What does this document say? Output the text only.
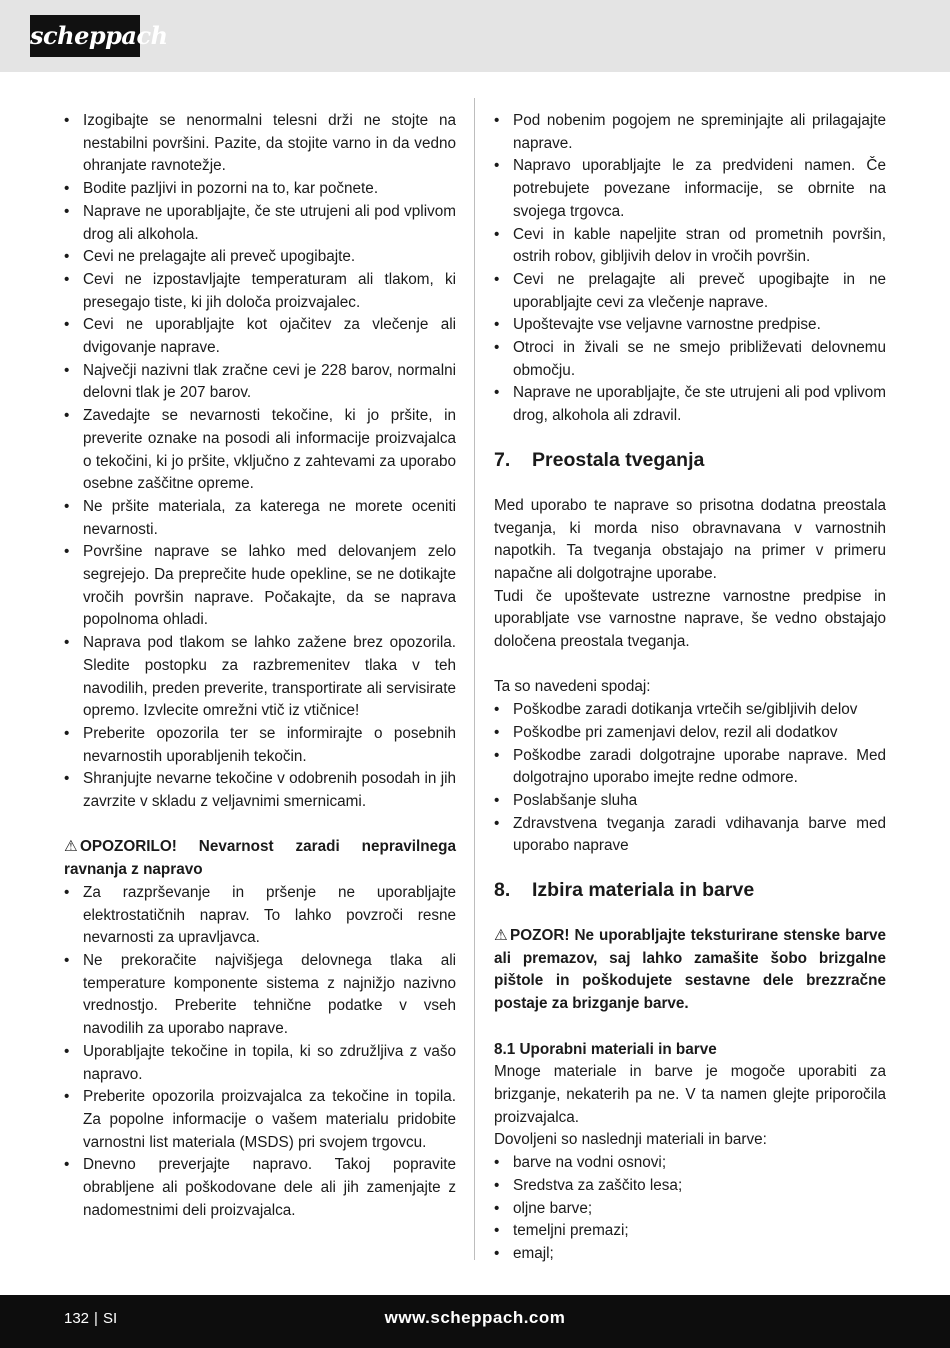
scheppach
• Izogibajte se nenormalni telesni drži ne stojte na nestabilni površini. Pazite, da stojite varno in da vedno ohranjate ravnotežje.
• Bodite pazljivi in pozorni na to, kar počnete.
• Naprave ne uporabljajte, če ste utrujeni ali pod vplivom drog ali alkohola.
• Cevi ne prelagajte ali preveč upogibajte.
• Cevi ne izpostavljajte temperaturam ali tlakom, ki presegajo tiste, ki jih določa proizvajalec.
• Cevi ne uporabljajte kot ojačitev za vlečenje ali dvigovanje naprave.
• Največji nazivni tlak zračne cevi je 228 barov, normalni delovni tlak je 207 barov.
• Zavedajte se nevarnosti tekočine, ki jo pršite, in preverite oznake na posodi ali informacije proizvajalca o tekočini, ki jo pršite, vključno z zahtevami za uporabo osebne zaščitne opreme.
• Ne pršite materiala, za katerega ne morete oceniti nevarnosti.
• Površine naprave se lahko med delovanjem zelo segrejejo. Da preprečite hude opekline, se ne dotikajte vročih površin naprave. Počakajte, da se naprava popolnoma ohladi.
• Naprava pod tlakom se lahko zažene brez opozorila. Sledite postopku za razbremenitev tlaka v teh navodilih, preden preverite, transportirate ali servisirate opremo. Izvlecite omrežni vtič iz vtičnice!
• Preberite opozorila ter se informirajte o posebnih nevarnostih uporabljenih tekočin.
• Shranjujte nevarne tekočine v odobrenih posodah in jih zavrzite v skladu z veljavnimi smernicami.
⚠ OPOZORILO! Nevarnost zaradi nepravilnega ravnanja z napravo
• Za razprševanje in pršenje ne uporabljajte elektrostatičnih naprav. To lahko povzroči resne nevarnosti za upravljavca.
• Ne prekoračite najvišjega delovnega tlaka ali temperature komponente sistema z najnižjo nazivno vrednostjo. Preberite tehnične podatke v vseh navodilih za uporabo naprave.
• Uporabljajte tekočine in topila, ki so združljiva z vašo napravo.
• Preberite opozorila proizvajalca za tekočine in topila. Za popolne informacije o vašem materialu pridobite varnostni list materiala (MSDS) pri svojem trgovcu.
• Dnevno preverjajte napravo. Takoj popravite obrabljene ali poškodovane dele ali jih zamenjajte z nadomestnimi deli proizvajalca.
• Pod nobenim pogojem ne spreminjajte ali prilagajajte naprave.
• Napravo uporabljajte le za predvideni namen. Če potrebujete povezane informacije, se obrnite na svojega trgovca.
• Cevi in kable napeljite stran od prometnih površin, ostrih robov, gibljivih delov in vročih površin.
• Cevi ne prelagajte ali preveč upogibajte in ne uporabljajte cevi za vlečenje naprave.
• Upoštevajte vse veljavne varnostne predpise.
• Otroci in živali se ne smejo približevati delovnemu območju.
• Naprave ne uporabljajte, če ste utrujeni ali pod vplivom drog, alkohola ali zdravil.
7. Preostala tveganja

Med uporabo te naprave so prisotna dodatna preostala tveganja, ki morda niso obravnavana v varnostnih napotkih. Ta tveganja obstajajo na primer v primeru napačne ali dolgotrajne uporabe.

Tudi če upoštevate ustrezne varnostne predpise in uporabljate vse varnostne naprave, še vedno obstajajo določena preostala tveganja.

Ta so navedeni spodaj:

• Poškodbe zaradi dotikanja vrtečih se/gibljivih delov
• Poškodbe pri zamenjavi delov, rezil ali dodatkov
• Poškodbe zaradi dolgotrajne uporabe naprave. Med dolgotrajno uporabo imejte redne odmore.
• Poslabšanje sluha
• Zdravstvena tveganja zaradi vdihavanja barve med uporabo naprave
8. Izbira materiala in barve
⚠ POZOR! Ne uporabljajte teksturirane stenske barve ali premazov, saj lahko zamašite šobo brizgalne pištole in poškodujete sestavne dele brezzračne postaje za brizganje barve.

8.1 Uporabni materiali in barve

Mnoge materiale in barve je mogoče uporabiti za brizganje, nekaterih pa ne. V ta namen glejte priporočila proizvajalca.

Dovoljeni so naslednji materiali in barve:

• barve na vodni osnovi;
• Sredstva za zaščito lesa;
• oljne barve;
• temeljni premazi;
• emajl;
132 | SI	www.scheppach.com
